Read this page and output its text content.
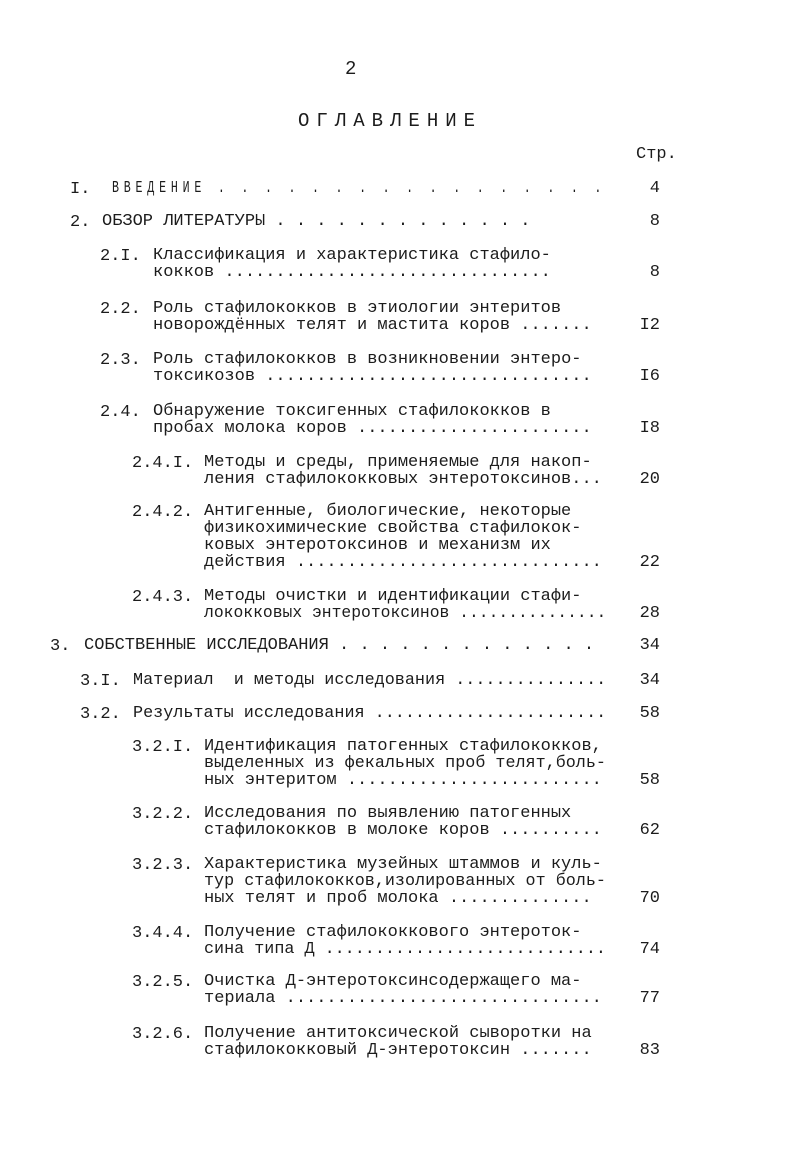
2
ОГЛАВЛЕНИЕ
Стр.
I. ВВЕДЕНИЕ . . . . . . . . . . . . . . . . .	4
2. ОБЗОР ЛИТЕРАТУРЫ . . . . . . . . . . . . .	8
2.I. Классификация и характеристика стафило-
кокков ................................	8
2.2. Роль стафилококков в этиологии энтеритов
новорождённых телят и мастита коров .......	I2
2.3. Роль стафилококков в возникновении энтеро-
токсикозов ................................	I6
2.4. Обнаружение токсигенных стафилококков в
пробах молока коров .......................	I8
2.4.I. Методы и среды, применяемые для накоп-
ления стафилококковых энтеротоксинов...	20
2.4.2. Антигенные, биологические, некоторые
физикохимические свойства стафилокок-
ковых энтеротоксинов и механизм их
действия ..............................	22
2.4.3. Методы очистки и идентификации стафи-
лококковых энтеротоксинов ...............	28
3. СОБСТВЕННЫЕ ИССЛЕДОВАНИЯ . . . . . . . . . . . . .	34
3.I. Материал  и методы исследования ...............	34
3.2. Результаты исследования .......................	58
3.2.I. Идентификация патогенных стафилококков,
выделенных из фекальных проб телят,боль-
ных энтеритом .........................	58
3.2.2. Исследования по выявлению патогенных
стафилококков в молоке коров ..........	62
3.2.3. Характеристика музейных штаммов и куль-
тур стафилококков,изолированных от боль-
ных телят и проб молока ..............	70
3.4.4. Получение стафилококкового энтероток-
сина типа Д ............................	74
3.2.5. Очистка Д-энтеротоксинсодержащего ма-
териала ...............................	77
3.2.6. Получение антитоксической сыворотки на
стафилококковый Д-энтеротоксин .......	83
